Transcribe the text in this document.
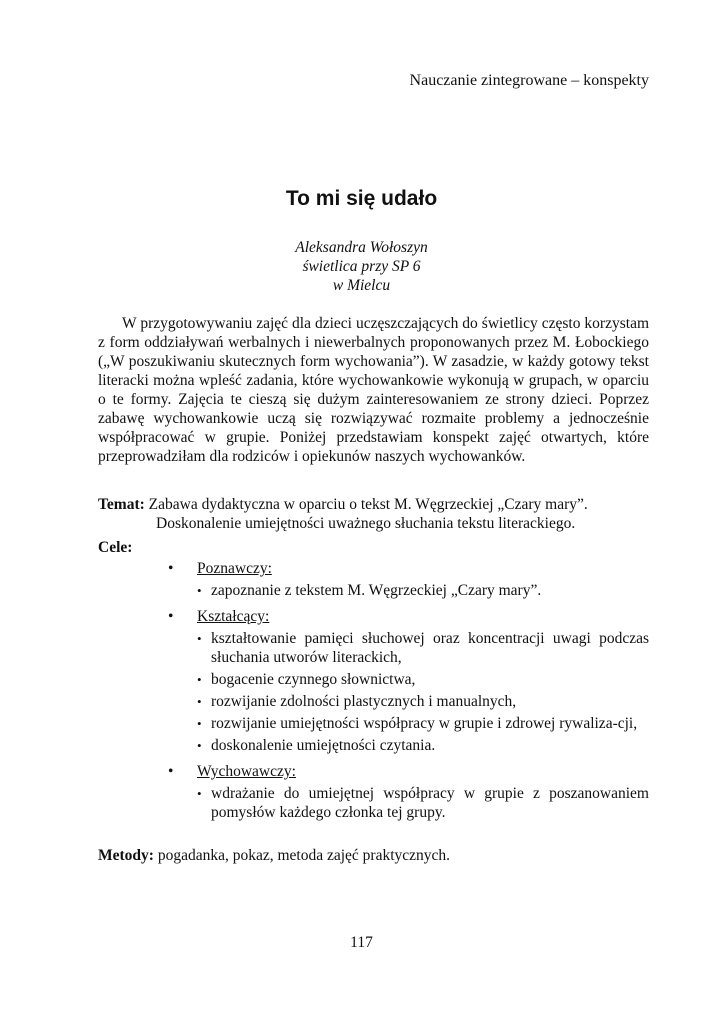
Nauczanie zintegrowane – konspekty
To mi się udało
Aleksandra Wołoszyn
świetlica przy SP 6
w Mielcu

W przygotowywaniu zajęć dla dzieci uczęszczających do świetlicy często korzystam z form oddziaływań werbalnych i niewerbalnych proponowanych przez M. Łobockiego („W poszukiwaniu skutecznych form wychowania”). W zasadzie, w każdy gotowy tekst literacki można wpleść zadania, które wychowankowie wykonują w grupach, w oparciu o te formy. Zajęcia te cieszą się dużym zainteresowaniem ze strony dzieci. Poprzez zabawę wychowankowie uczą się rozwiązywać rozmaite problemy a jednocześnie współpracować w grupie. Poniżej przedstawiam konspekt zajęć otwartych, które przeprowadziłam dla rodziców i opiekunów naszych wychowanków.

Temat: Zabawa dydaktyczna w oparciu o tekst M. Węgrzeckiej „Czary mary”.
Doskonalenie umiejętności uważnego słuchania tekstu literackiego.
Cele:
• Poznawczy:
• zapoznanie z tekstem M. Węgrzeckiej „Czary mary”.
• Kształcący:
• kształtowanie pamięci słuchowej oraz koncentracji uwagi podczas słuchania utworów literackich,
• bogacenie czynnego słownictwa,
• rozwijanie zdolności plastycznych i manualnych,
• rozwijanie umiejętności współpracy w grupie i zdrowej rywaliza-cji,
• doskonalenie umiejętności czytania.
• Wychowawczy:
• wdrażanie do umiejętnej współpracy w grupie z poszanowaniem pomysłów każdego członka tej grupy.
Metody: pogadanka, pokaz, metoda zajęć praktycznych.
117
